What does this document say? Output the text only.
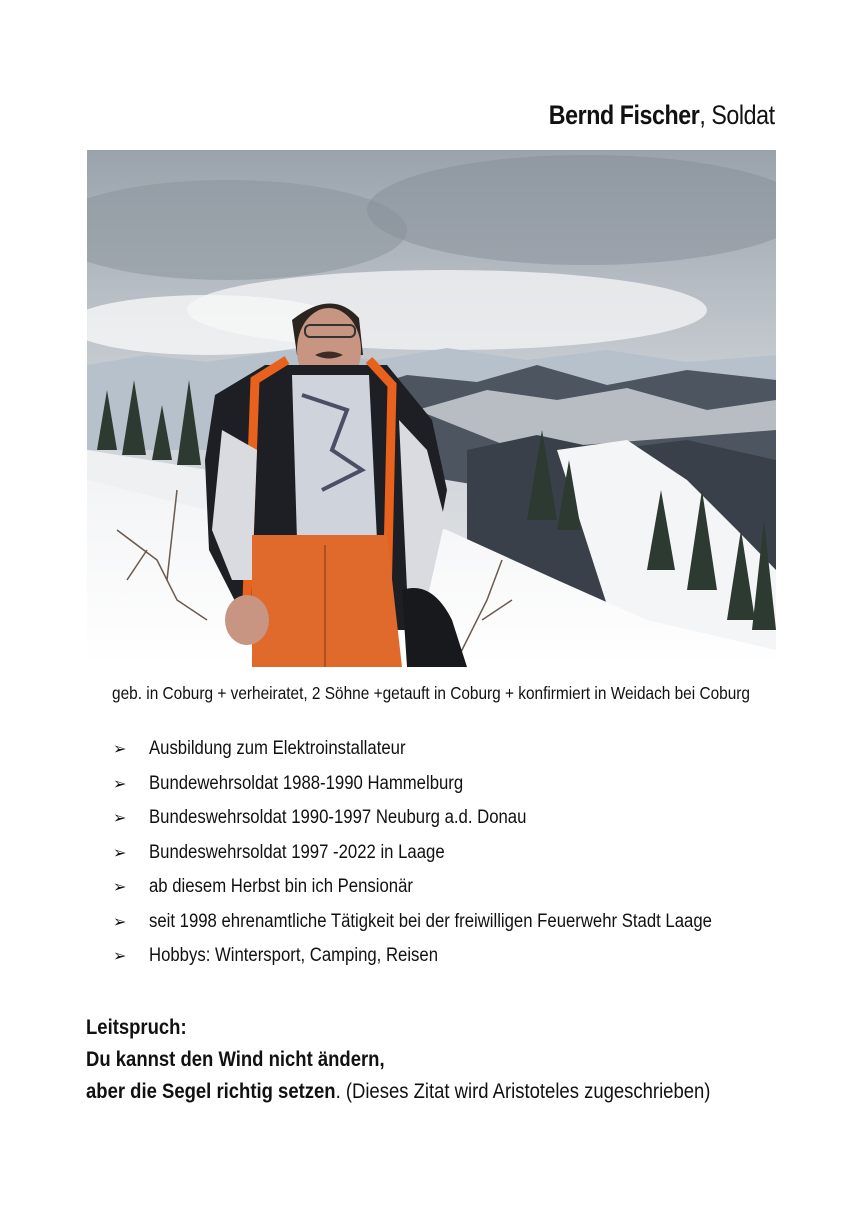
Bernd Fischer, Soldat
geb. in Coburg + verheiratet, 2 Söhne +getauft in Coburg + konfirmiert in Weidach bei Coburg
➢	Ausbildung zum Elektroinstallateur
➢	Bundewehrsoldat 1988-1990 Hammelburg
➢	Bundeswehrsoldat 1990-1997 Neuburg a.d. Donau
➢	Bundeswehrsoldat 1997 -2022 in Laage
➢	ab diesem Herbst bin ich Pensionär
➢	seit 1998 ehrenamtliche Tätigkeit bei der freiwilligen Feuerwehr Stadt Laage
➢	Hobbys: Wintersport, Camping, Reisen
Leitspruch:
Du kannst den Wind nicht ändern,
aber die Segel richtig setzen. (Dieses Zitat wird Aristoteles zugeschrieben)
